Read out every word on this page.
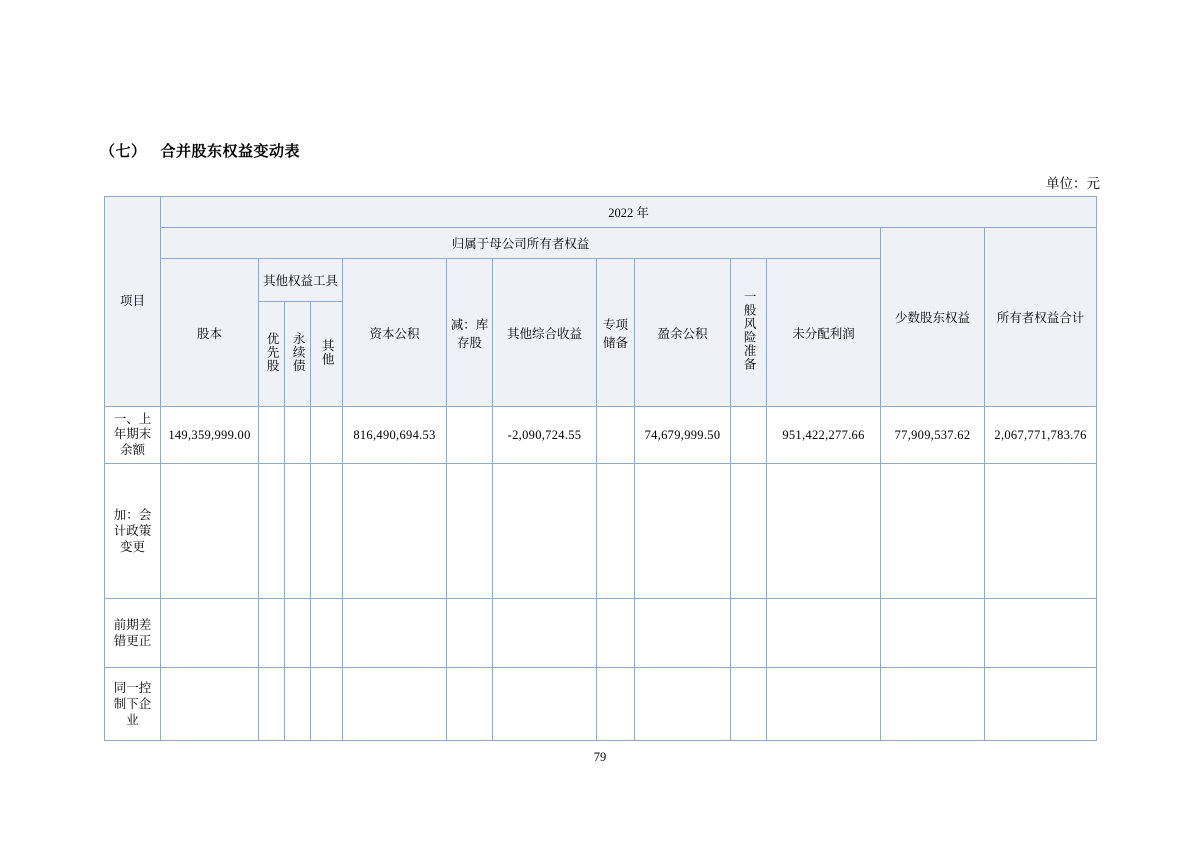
（七） 合并股东权益变动表
单位：元
项目	2022 年												
	归属于母公司所有者权益											少数股东权益	所有者权益合计
	股本	其他权益工具			资本公积	减：库存股	其他综合收益	专项储备	盈余公积	一般风险准备	未分配利润		
		优先股	永续债	其他									
一、上年期末余额	149,359,999.00				816,490,694.53		-2,090,724.55		74,679,999.50		951,422,277.66	77,909,537.62	2,067,771,783.76

加：会计政策变更													

前期差错更正													

同一控制下企业													

79
